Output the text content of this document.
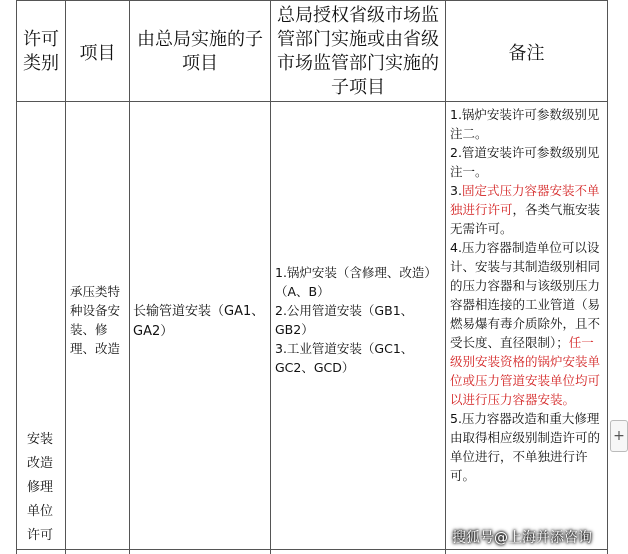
许可类别	项目
由总局实施的子项目
总局授权省级市场监管部门实施或由省级市场监管部门实施的子项目
备注
安装改造修理单位许可
承压类特种设备安装、修理、改造
长输管道安装（GA1、GA2）
1.锅炉安装（含修理、改造）（A、B）
2.公用管道安装（GB1、GB2）
3.工业管道安装（GC1、GC2、GCD）

1.锅炉安装许可参数级别见注二。

2.管道安装许可参数级别见注一。

3.固定式压力容器安装不单独进行许可，各类气瓶安装无需许可。

4.压力容器制造单位可以设计、安装与其制造级别相同的压力容器和与该级别压力容器相连接的工业管道（易燃易爆有毒介质除外，且不受长度、直径限制）；任一级别安装资格的锅炉安装单位或压力管道安装单位均可以进行压力容器安装。

5.压力容器改造和重大修理由取得相应级别制造许可的单位进行，不单独进行许可。

+
搜狐号@上海并添咨询
